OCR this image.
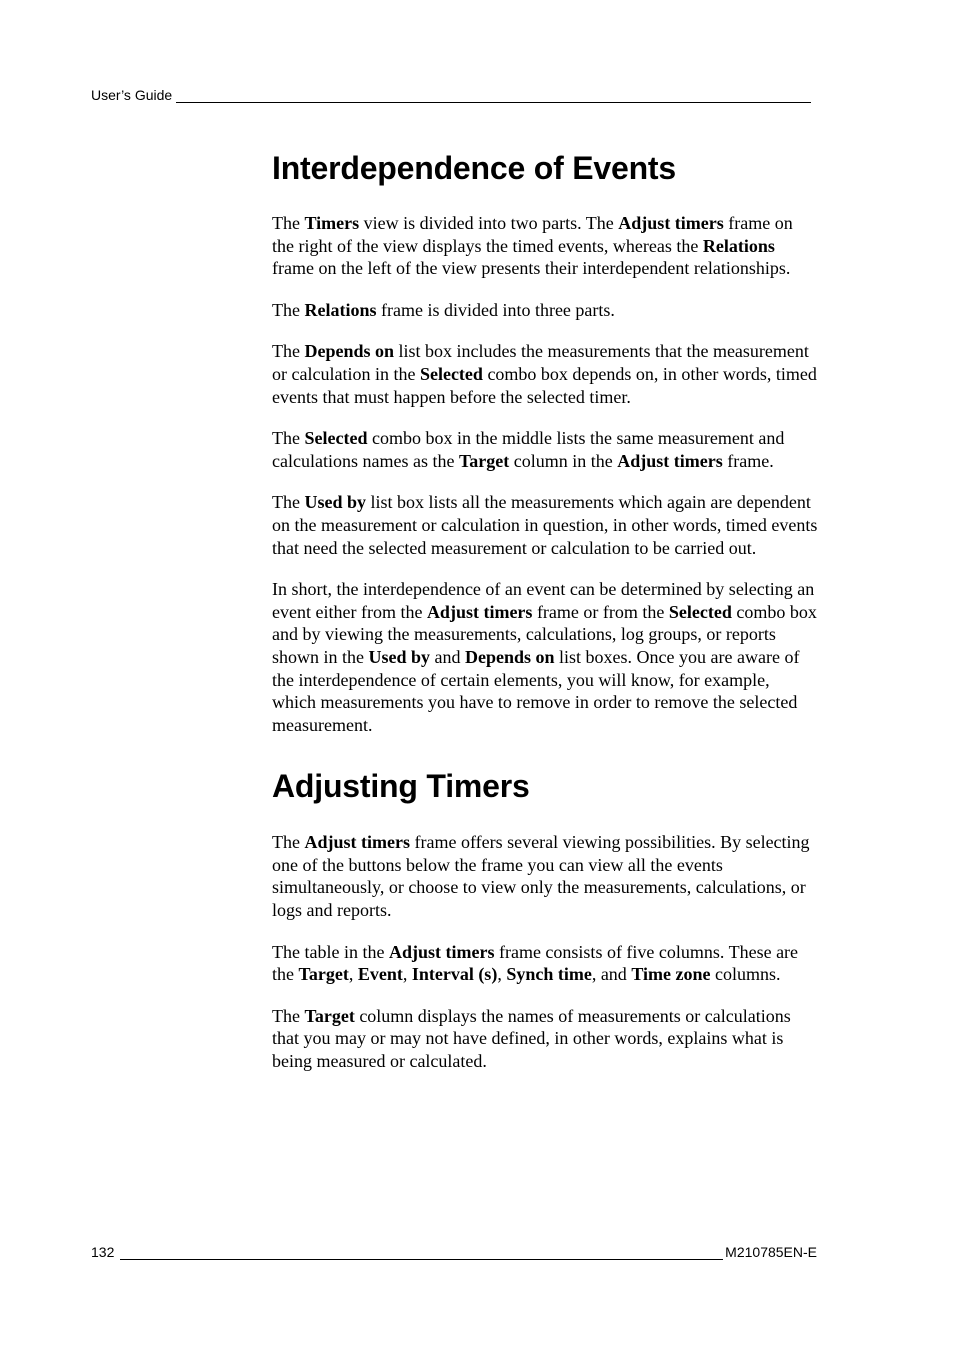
User’s Guide
Interdependence of Events

The Timers view is divided into two parts. The Adjust timers frame on the right of the view displays the timed events, whereas the Relations frame on the left of the view presents their interdependent relationships.

The Relations frame is divided into three parts.

The Depends on list box includes the measurements that the measurement or calculation in the Selected combo box depends on, in other words, timed events that must happen before the selected timer.

The Selected combo box in the middle lists the same measurement and calculations names as the Target column in the Adjust timers frame.

The Used by list box lists all the measurements which again are dependent on the measurement or calculation in question, in other words, timed events that need the selected measurement or calculation to be carried out.

In short, the interdependence of an event can be determined by selecting an event either from the Adjust timers frame or from the Selected combo box and by viewing the measurements, calculations, log groups, or reports shown in the Used by and Depends on list boxes. Once you are aware of the interdependence of certain elements, you will know, for example, which measurements you have to remove in order to remove the selected measurement.

Adjusting Timers

The Adjust timers frame offers several viewing possibilities. By selecting one of the buttons below the frame you can view all the events simultaneously, or choose to view only the measurements, calculations, or logs and reports.

The table in the Adjust timers frame consists of five columns. These are the Target, Event, Interval (s), Synch time, and Time zone columns.

The Target column displays the names of measurements or calculations that you may or may not have defined, in other words, explains what is being measured or calculated.

132	M210785EN-E
